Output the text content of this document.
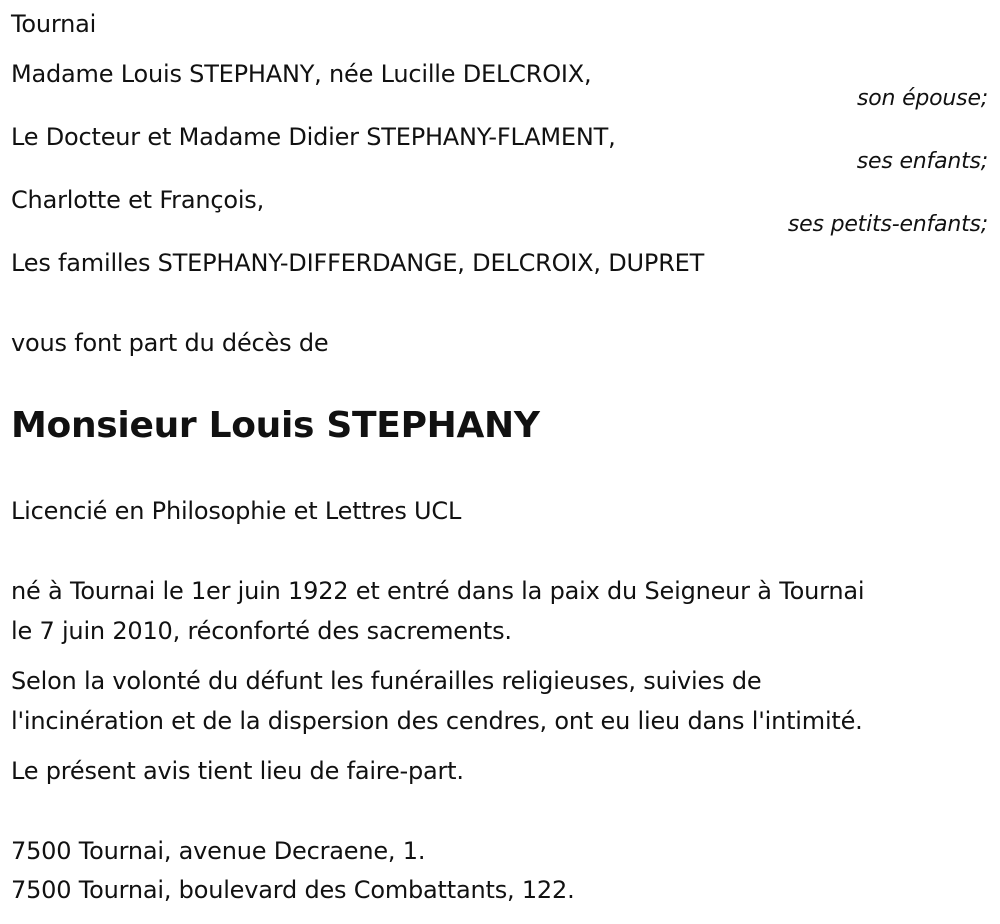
Tournai
Madame Louis STEPHANY, née Lucille DELCROIX,
son épouse;
Le Docteur et Madame Didier STEPHANY-FLAMENT,
ses enfants;
Charlotte et François,
ses petits-enfants;
Les familles STEPHANY-DIFFERDANGE, DELCROIX, DUPRET
vous font part du décès de
Monsieur Louis STEPHANY
Licencié en Philosophie et Lettres UCL
né à Tournai le 1er juin 1922 et entré dans la paix du Seigneur à Tournai
le 7 juin 2010, réconforté des sacrements.
Selon la volonté du défunt les funérailles religieuses, suivies de
l'incinération et de la dispersion des cendres, ont eu lieu dans l'intimité.
Le présent avis tient lieu de faire-part.
7500 Tournai, avenue Decraene, 1.
7500 Tournai, boulevard des Combattants, 122.
